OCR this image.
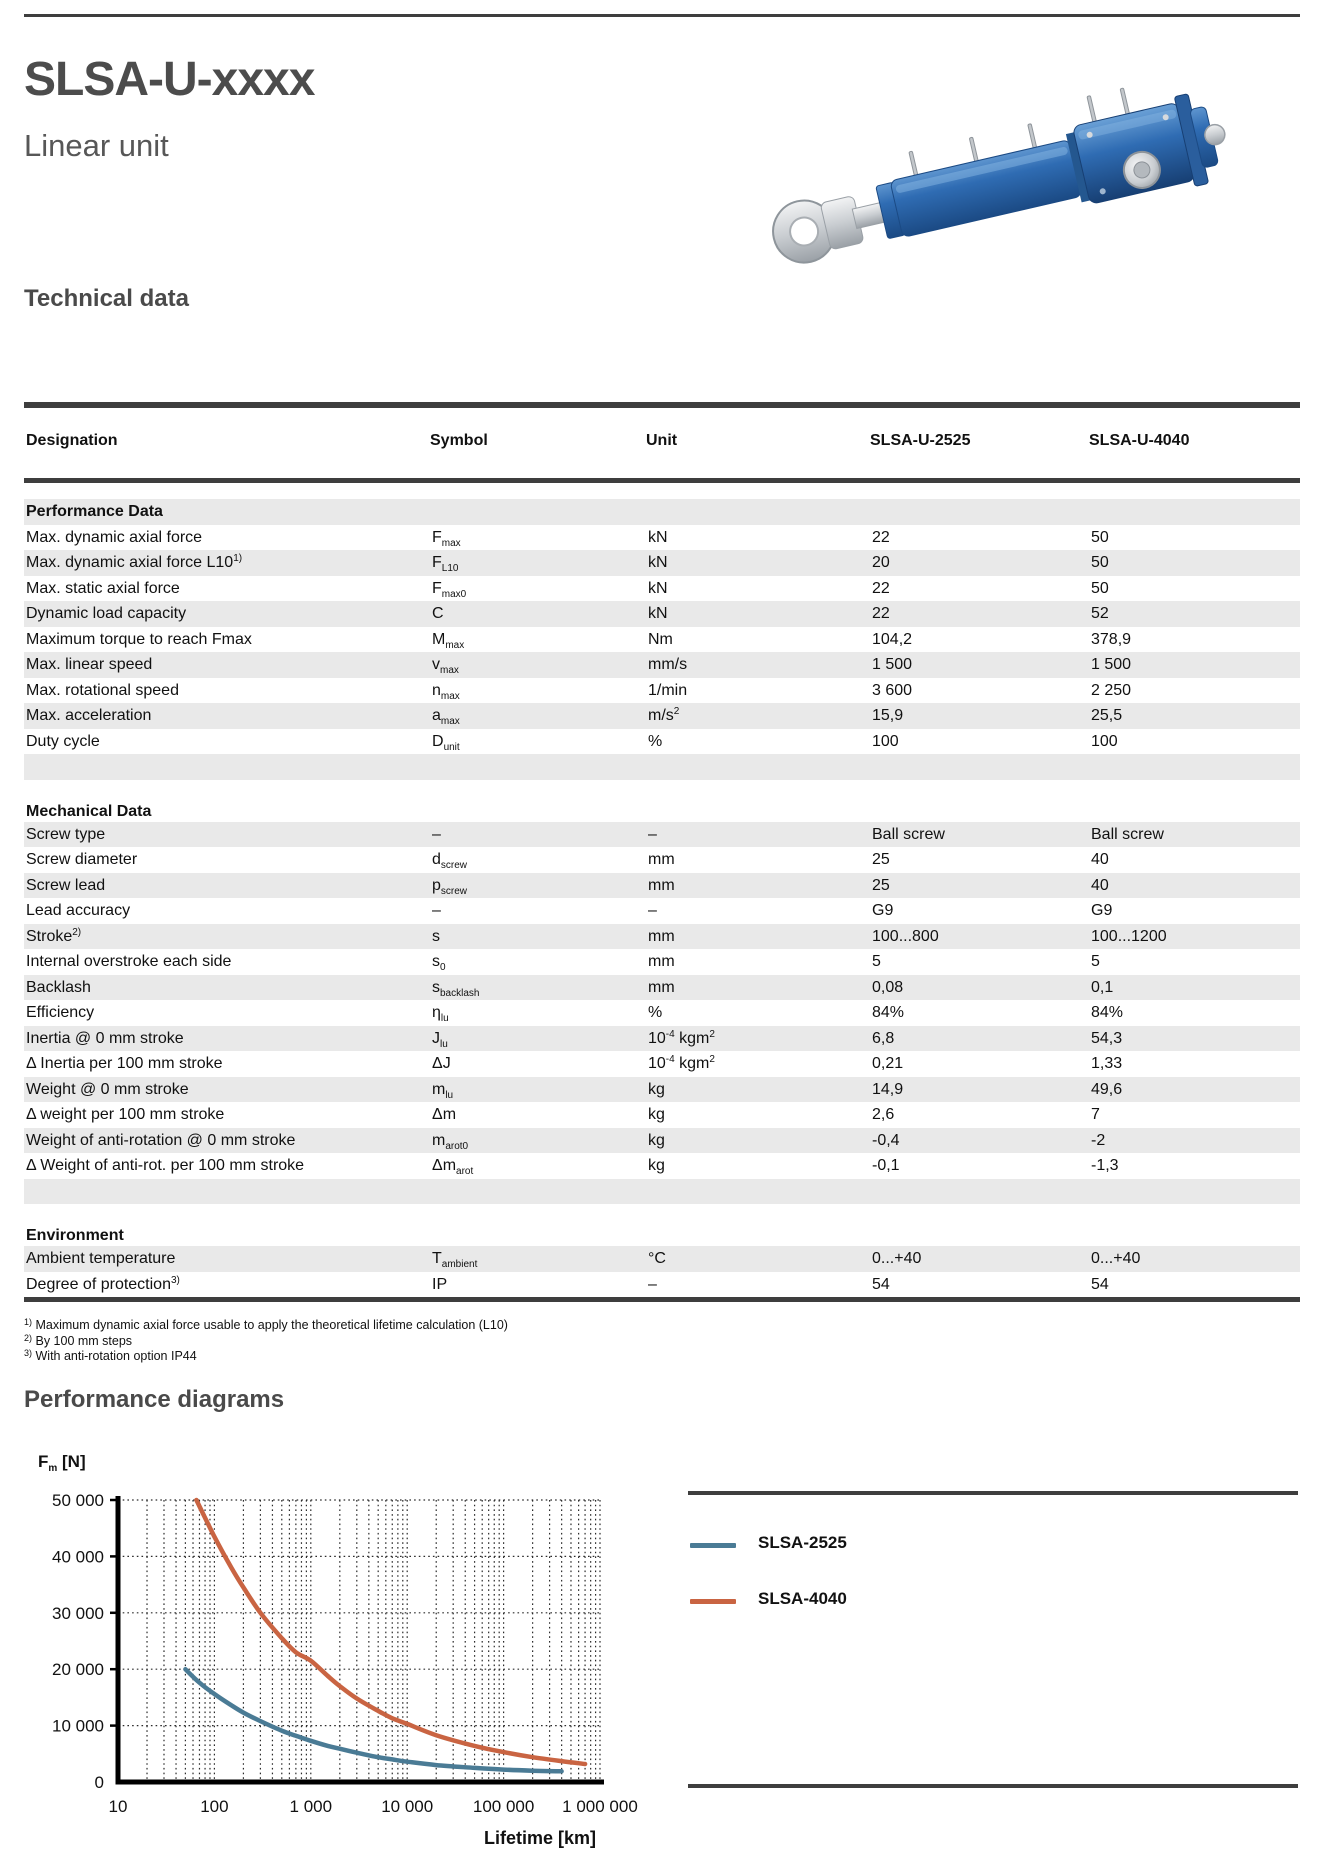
SLSA-U-xxxx
Linear unit
Technical data
Designation	Symbol	Unit	SLSA-U-2525	SLSA-U-4040
Performance Data
Max. dynamic axial force	$F_{max}$	kN	22	50
Max. dynamic axial force L10$^{1)}$	$F_{L10}$	kN	20	50
Max. static axial force	$F_{max0}$	kN	22	50
Dynamic load capacity	C	kN	22	52
Maximum torque to reach Fmax	$M_{max}$	Nm	104,2	378,9
Max. linear speed	$v_{max}$	mm/s	1 500	1 500
Max. rotational speed	$n_{max}$	1/min	3 600	2 250
Max. acceleration	$a_{max}$	$m/s^2$	15,9	25,5
Duty cycle	$D_{unit}$	%	100	100
Mechanical Data
Screw type	–	–	Ball screw	Ball screw
Screw diameter	$d_{screw}$	mm	25	40
Screw lead	$p_{screw}$	mm	25	40
Lead accuracy	–	–	G9	G9
Stroke$^{2)}$	s	mm	100...800	100...1200
Internal overstroke each side	$s_0$	mm	5	5
Backlash	$s_{backlash}$	mm	0,08	0,1
Efficiency	$\eta_{lu}$	%	84%	84%
Inertia @ 0 mm stroke	$J_{lu}$	$10^{-4}$ kgm$^2$	6,8	54,3
Δ Inertia per 100 mm stroke	ΔJ	$10^{-4}$ kgm$^2$	0,21	1,33
Weight @ 0 mm stroke	$m_{lu}$	kg	14,9	49,6
Δ weight per 100 mm stroke	Δm	kg	2,6	7
Weight of anti-rotation @ 0 mm stroke	$m_{arot0}$	kg	-0,4	-2
Δ Weight of anti-rot. per 100 mm stroke	$\Delta m_{arot}$	kg	-0,1	-1,3
Environment
Ambient temperature	$T_{ambient}$	°C	0...+40	0...+40
Degree of protection$^{3)}$	IP	–	54	54
$^{1)}$ Maximum dynamic axial force usable to apply the theoretical lifetime calculation (L10)
$^{2)}$ By 100 mm steps
$^{3)}$ With anti-rotation option IP44
Performance diagrams
$F_m$ [N]
0
10 000
20 000
30 000
40 000
50 000
10	100	1 000	10 000 100 000 1 000 000
Lifetime [km]
SLSA-2525
SLSA-4040
